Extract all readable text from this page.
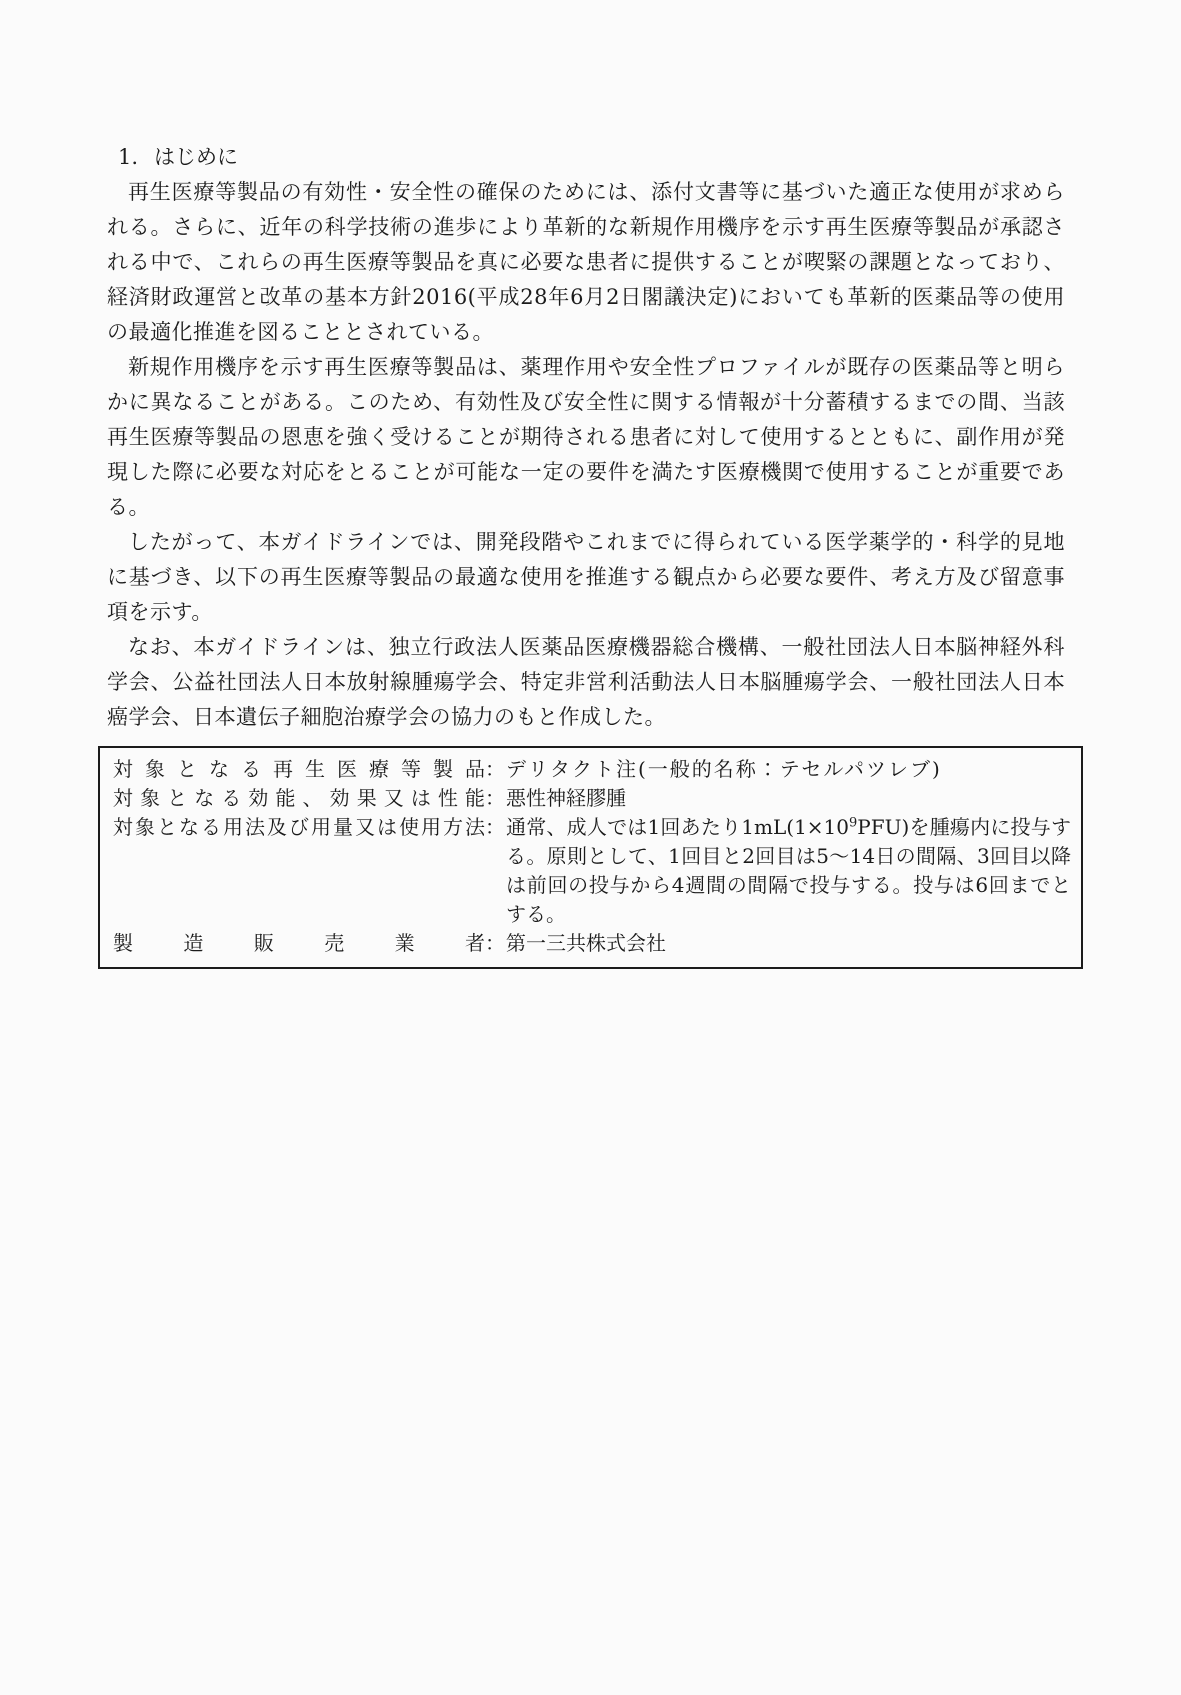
1. はじめに

再生医療等製品の有効性・安全性の確保のためには、添付文書等に基づいた適正な使用が求められる。さらに、近年の科学技術の進歩により革新的な新規作用機序を示す再生医療等製品が承認される中で、これらの再生医療等製品を真に必要な患者に提供することが喫緊の課題となっており、経済財政運営と改革の基本方針2016(平成28年6月2日閣議決定)においても革新的医薬品等の使用の最適化推進を図ることとされている。

新規作用機序を示す再生医療等製品は、薬理作用や安全性プロファイルが既存の医薬品等と明らかに異なることがある。このため、有効性及び安全性に関する情報が十分蓄積するまでの間、当該再生医療等製品の恩恵を強く受けることが期待される患者に対して使用するとともに、副作用が発現した際に必要な対応をとることが可能な一定の要件を満たす医療機関で使用することが重要である。

したがって、本ガイドラインでは、開発段階やこれまでに得られている医学薬学的・科学的見地に基づき、以下の再生医療等製品の最適な使用を推進する観点から必要な要件、考え方及び留意事項を示す。

なお、本ガイドラインは、独立行政法人医薬品医療機器総合機構、一般社団法人日本脳神経外科学会、公益社団法人日本放射線腫瘍学会、特定非営利活動法人日本脳腫瘍学会、一般社団法人日本癌学会、日本遺伝子細胞治療学会の協力のもと作成した。

対象となる再生医療等製品 ： デリタクト注(一般的名称：テセルパツレブ)
対象となる効能、効果又は性能 ： 悪性神経膠腫
対象となる用法及び用量又は使用方法 ： 通常、成人では1回あたり$1mL(1\times 10^9PFU)$を腫瘍内に投与する。原則として、1回目と2回目は5～14日の間隔、3回目以降は前回の投与から4週間の間隔で投与する。投与は6回までとする。
製造販売業者 ： 第一三共株式会社
